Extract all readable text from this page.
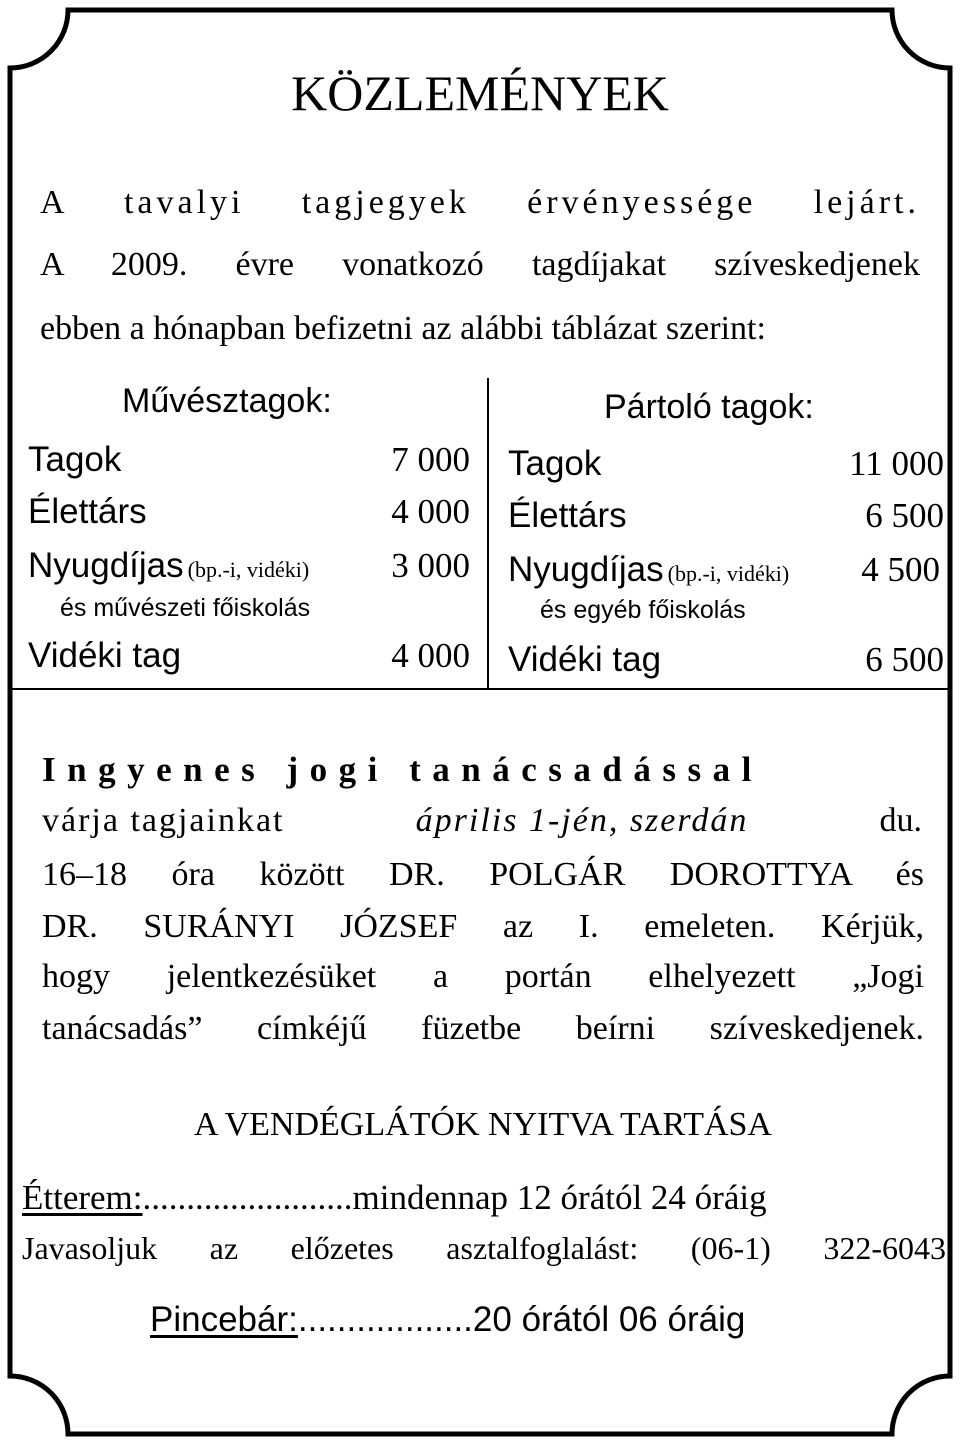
KÖZLEMÉNYEK
A tavalyi tagjegyek érvényessége lejárt.
A 2009. évre vonatkozó tagdíjakat szíveskedjenek
ebben a hónapban befizetni az alábbi táblázat szerint:
Művésztagok:
Tagok	7 000
Élettárs	4 000
Nyugdíjas (bp.-i, vidéki) 3 000
és művészeti főiskolás
Vidéki tag	4 000
Pártoló tagok:
Tagok	11 000
Élettárs	6 500
Nyugdíjas (bp.-i, vidéki) 4 500
és egyéb főiskolás
Vidéki tag	6 500
Ingyenes jogi tanácsadással
várja tagjainkat	április 1-jén, szerdán	du.
16–18 óra között DR. POLGÁR DOROTTYA és
DR. SURÁNYI JÓZSEF az I. emeleten. Kérjük,
hogy jelentkezésüket a portán elhelyezett „Jogi
tanácsadás” címkéjű füzetbe beírni szíveskedjenek.
A VENDÉGLÁTÓK NYITVA TARTÁSA
Étterem:........................mindennap 12 órától 24 óráig
Javasoljuk az előzetes asztalfoglalást: (06-1) 322-6043
Pincebár:..................20 órától 06 óráig
